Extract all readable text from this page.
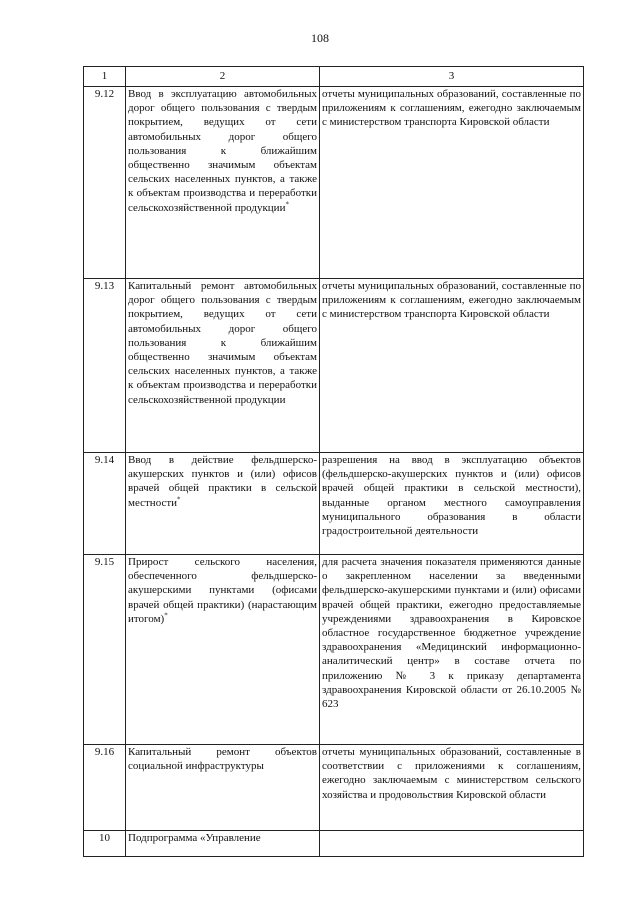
108
1	2	3
9.12	Ввод в эксплуатацию автомобильных дорог общего пользования с твердым покрытием, ведущих от сети автомобильных дорог общего пользования к ближайшим общественно значимым объектам сельских населенных пунктов, а также к объектам производства и переработки сельскохозяйственной продукции*	отчеты муниципальных образований, составленные по приложениям к соглашениям, ежегодно заключаемым с министерством транспорта Кировской области
9.13	Капитальный ремонт автомобильных дорог общего пользования с твердым покрытием, ведущих от сети автомобильных дорог общего пользования к ближайшим общественно значимым объектам сельских населенных пунктов, а также к объектам производства и переработки сельскохозяйственной продукции	отчеты муниципальных образований, составленные по приложениям к соглашениям, ежегодно заключаемым с министерством транспорта Кировской области
9.14	Ввод в действие фельдшерско-акушерских пунктов и (или) офисов врачей общей практики в сельской местности*	разрешения на ввод в эксплуатацию объектов (фельдшерско-акушерских пунктов и (или) офисов врачей общей практики в сельской местности), выданные органом местного самоуправления муниципального образования в области градостроительной деятельности
9.15	Прирост сельского населения, обеспеченного фельдшерско-акушерскими пунктами (офисами врачей общей практики) (нарастающим итогом)*	для расчета значения показателя применяются данные о закрепленном населении за введенными фельдшерско-акушерскими пунктами и (или) офисами врачей общей практики, ежегодно предоставляемые учреждениями здравоохранения в Кировское областное государственное бюджетное учреждение здравоохранения «Медицинский информационно-аналитический центр» в составе отчета по приложению № 3 к приказу департамента здравоохранения Кировской области от 26.10.2005 № 623
9.16	Капитальный ремонт объектов социальной инфраструктуры	отчеты муниципальных образований, составленные в соответствии с приложениями к соглашениям, ежегодно заключаемым с министерством сельского хозяйства и продовольствия Кировской области
10	Подпрограмма «Управление	
